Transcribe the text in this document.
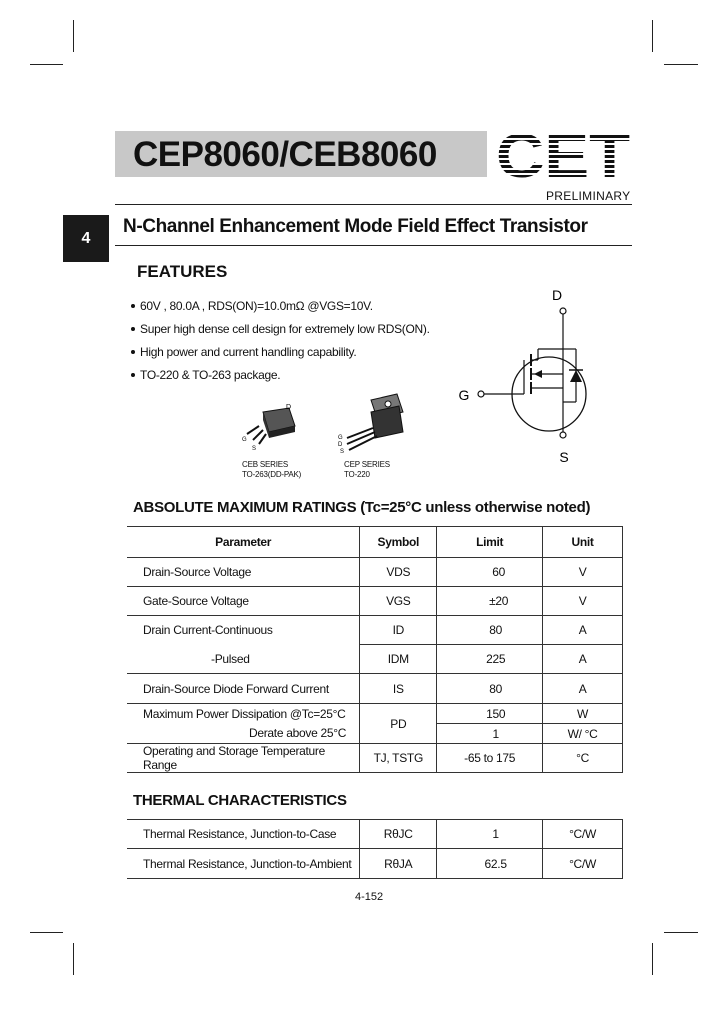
CEP8060/CEB8060 CET
PRELIMINARY
4
N-Channel Enhancement Mode Field Effect Transistor
FEATURES
60V , 80.0A , RDS(ON)=10.0mΩ @VGS=10V.
Super high dense cell design for extremely low RDS(ON).
High power and current handling capability.
TO-220 & TO-263 package.
D
G
S
CEB SERIES
TO-263(DD-PAK)
G
D
S
CEP SERIES
TO-220
D
G
S
ABSOLUTE MAXIMUM RATINGS (Tc=25°C unless otherwise noted)
Parameter	Symbol	Limit	Unit
Drain-Source Voltage	VDS	60	V
Gate-Source Voltage	VGS	±20	V
Drain Current-Continuous	ID	80	A
-Pulsed	IDM	225	A
Drain-Source Diode Forward Current	IS	80	A
Maximum Power Dissipation @Tc=25°C	PD	150	W
Derate above 25°C		1	W/ °C
Operating and Storage Temperature Range	TJ, TSTG	-65 to 175	°C
THERMAL CHARACTERISTICS
Thermal Resistance, Junction-to-Case	RθJC	1	°C/W
Thermal Resistance, Junction-to-Ambient	RθJA	62.5	°C/W
4-152
